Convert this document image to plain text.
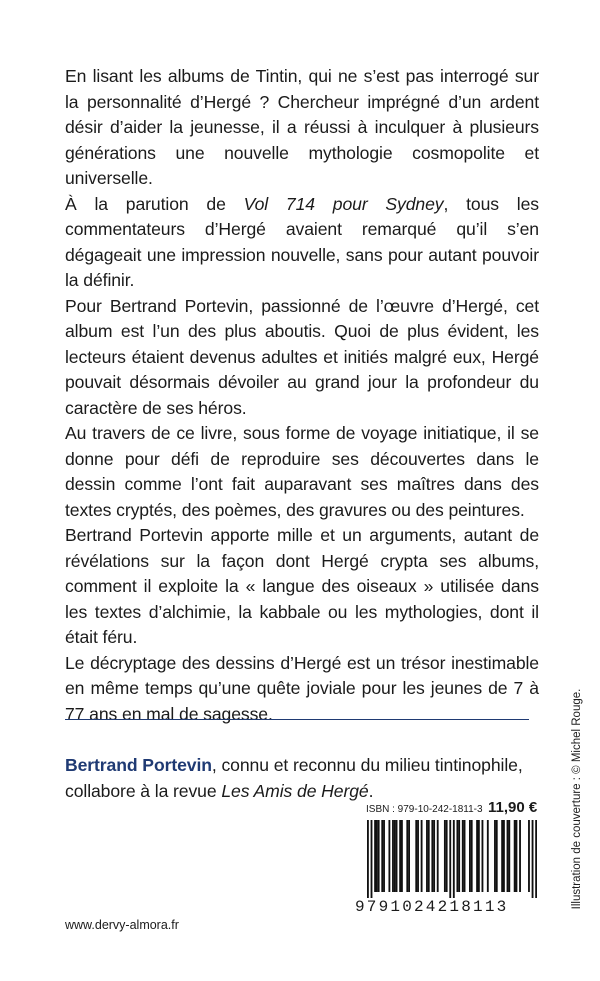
En lisant les albums de Tintin, qui ne s’est pas interrogé sur la personnalité d’Hergé ? Chercheur imprégné d’un ardent désir d’aider la jeunesse, il a réussi à inculquer à plusieurs générations une nouvelle mythologie cosmopolite et universelle.

À la parution de Vol 714 pour Sydney, tous les commentateurs d’Hergé avaient remarqué qu’il s’en dégageait une impression nouvelle, sans pour autant pouvoir la définir.

Pour Bertrand Portevin, passionné de l’œuvre d’Hergé, cet album est l’un des plus aboutis. Quoi de plus évident, les lecteurs étaient devenus adultes et initiés malgré eux, Hergé pouvait désormais dévoiler au grand jour la profondeur du caractère de ses héros.

Au travers de ce livre, sous forme de voyage initiatique, il se donne pour défi de reproduire ses découvertes dans le dessin comme l’ont fait auparavant ses maîtres dans des textes cryptés, des poèmes, des gravures ou des peintures.

Bertrand Portevin apporte mille et un arguments, autant de révélations sur la façon dont Hergé crypta ses albums, comment il exploite la « langue des oiseaux » utilisée dans les textes d’alchimie, la kabbale ou les mythologies, dont il était féru.

Le décryptage des dessins d’Hergé est un trésor inestimable en même temps qu’une quête joviale pour les jeunes de 7 à 77 ans en mal de sagesse.

Bertrand Portevin, connu et reconnu du milieu tintinophile, collabore à la revue Les Amis de Hergé.	Illustration de couverture : © Michel Rouge.
ISBN : 979-10-242-1811-3 11,90 €
9791024218113
www.dervy-almora.fr
